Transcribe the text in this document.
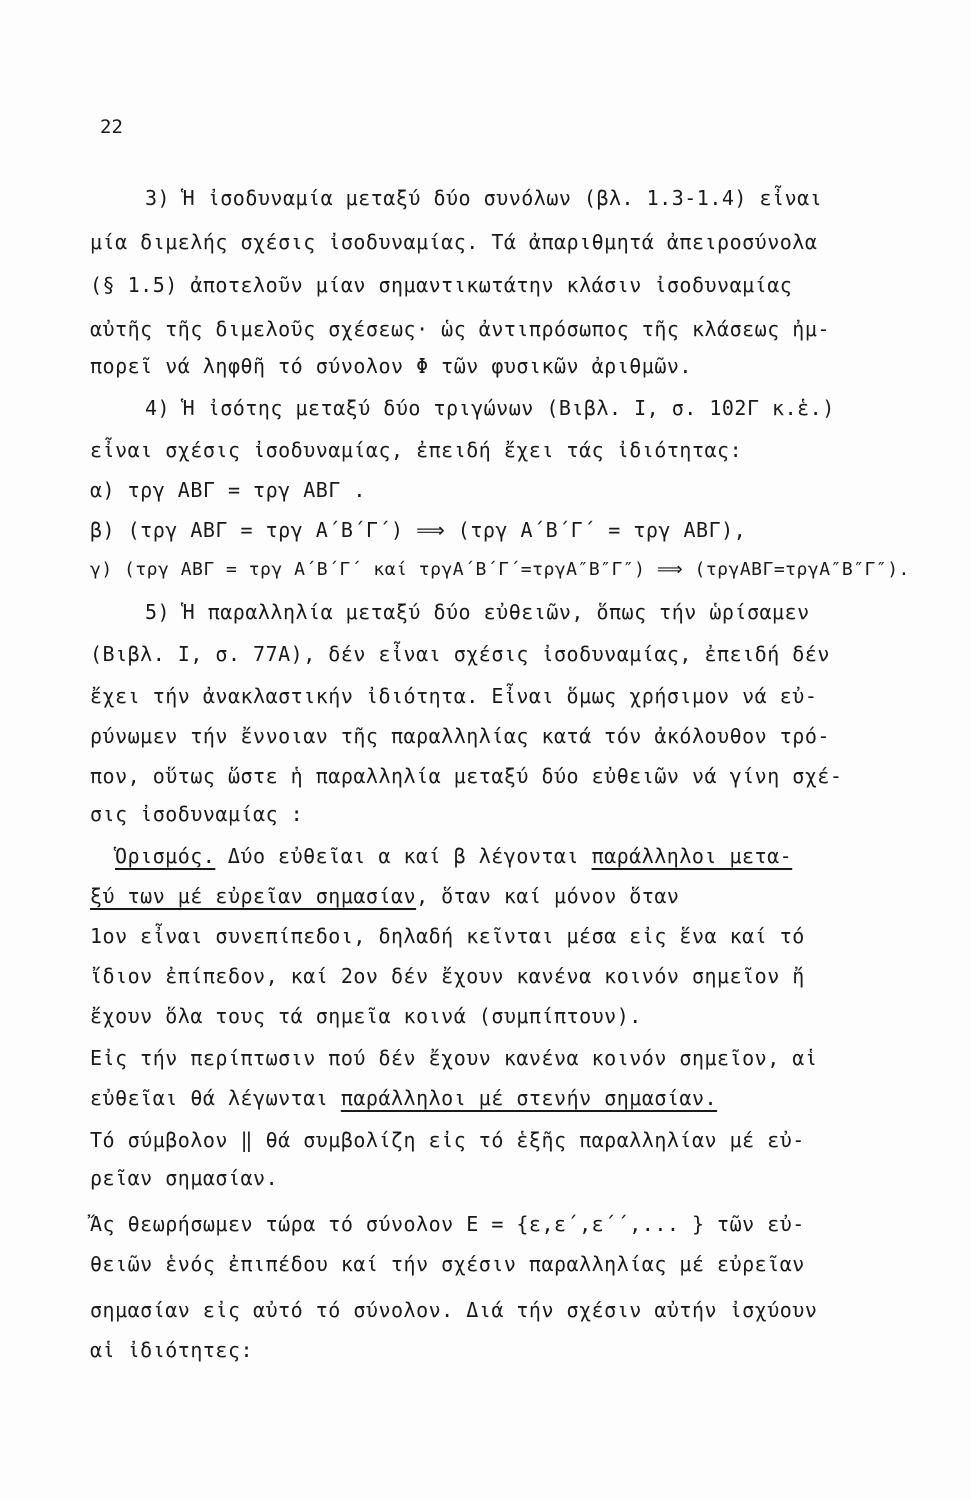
22
3) Ἡ ἰσοδυναμία μεταξύ δύο συνόλων (βλ. 1.3-1.4) εἶναι
μία διμελής σχέσις ἰσοδυναμίας. Τά ἀπαριθμητά ἀπειροσύνολα
(§ 1.5) ἀποτελοῦν μίαν σημαντικωτάτην κλάσιν ἰσοδυναμίας
αὐτῆς τῆς διμελοῦς σχέσεως· ὡς ἀντιπρόσωπος τῆς κλάσεως ἠμ-
πορεῖ νά ληφθῆ τό σύνολον Φ τῶν φυσικῶν ἀριθμῶν.
4) Ἡ ἰσότης μεταξύ δύο τριγώνων (Βιβλ. Ι, σ. 102Γ κ.ἑ.)
εἶναι σχέσις ἰσοδυναμίας, ἐπειδή ἔχει τάς ἰδιότητας:
α) τργ ΑΒΓ = τργ ΑΒΓ .
β) (τργ ΑΒΓ = τργ Α΄Β΄Γ΄) ⟹ (τργ Α΄Β΄Γ΄ = τργ ΑΒΓ),
γ) (τργ ΑΒΓ = τργ Α΄Β΄Γ΄ καί τργΑ΄Β΄Γ΄=τργΑ″Β″Γ″) ⟹ (τργΑΒΓ=τργΑ″Β″Γ″).
5) Ἡ παραλληλία μεταξύ δύο εὐθειῶν, ὅπως τήν ὡρίσαμεν
(Βιβλ. Ι, σ. 77Α), δέν εἶναι σχέσις ἰσοδυναμίας, ἐπειδή δέν
ἔχει τήν ἀνακλαστικήν ἰδιότητα. Εἶναι ὅμως χρήσιμον νά εὐ-
ρύνωμεν τήν ἔννοιαν τῆς παραλληλίας κατά τόν ἀκόλουθον τρό-
πον, οὕτως ὥστε ἡ παραλληλία μεταξύ δύο εὐθειῶν νά γίνη σχέ-
σις ἰσοδυναμίας :
Ὁρισμός. Δύο εὐθεῖαι α καί β λέγονται παράλληλοι μετα-
ξύ των μέ εὐρεῖαν σημασίαν, ὅταν καί μόνον ὅταν
1ον εἶναι συνεπίπεδοι, δηλαδή κεῖνται μέσα εἰς ἕνα καί τό
ἴδιον ἐπίπεδον, καί 2ον δέν ἔχουν κανένα κοινόν σημεῖον ἤ
ἔχουν ὅλα τους τά σημεῖα κοινά (συμπίπτουν).
Εἰς τήν περίπτωσιν πού δέν ἔχουν κανένα κοινόν σημεῖον, αἱ
εὐθεῖαι θά λέγωνται παράλληλοι μέ στενήν σημασίαν.
Τό σύμβολον ‖ θά συμβολίζη εἰς τό ἑξῆς παραλληλίαν μέ εὐ-
ρεῖαν σημασίαν.
Ἄς θεωρήσωμεν τώρα τό σύνολον Ε = {ε,ε΄,ε΄΄,... } τῶν εὐ-
θειῶν ἑνός ἐπιπέδου καί τήν σχέσιν παραλληλίας μέ εὐρεῖαν
σημασίαν εἰς αὐτό τό σύνολον. Διά τήν σχέσιν αὐτήν ἰσχύουν
αἱ ἰδιότητες:
